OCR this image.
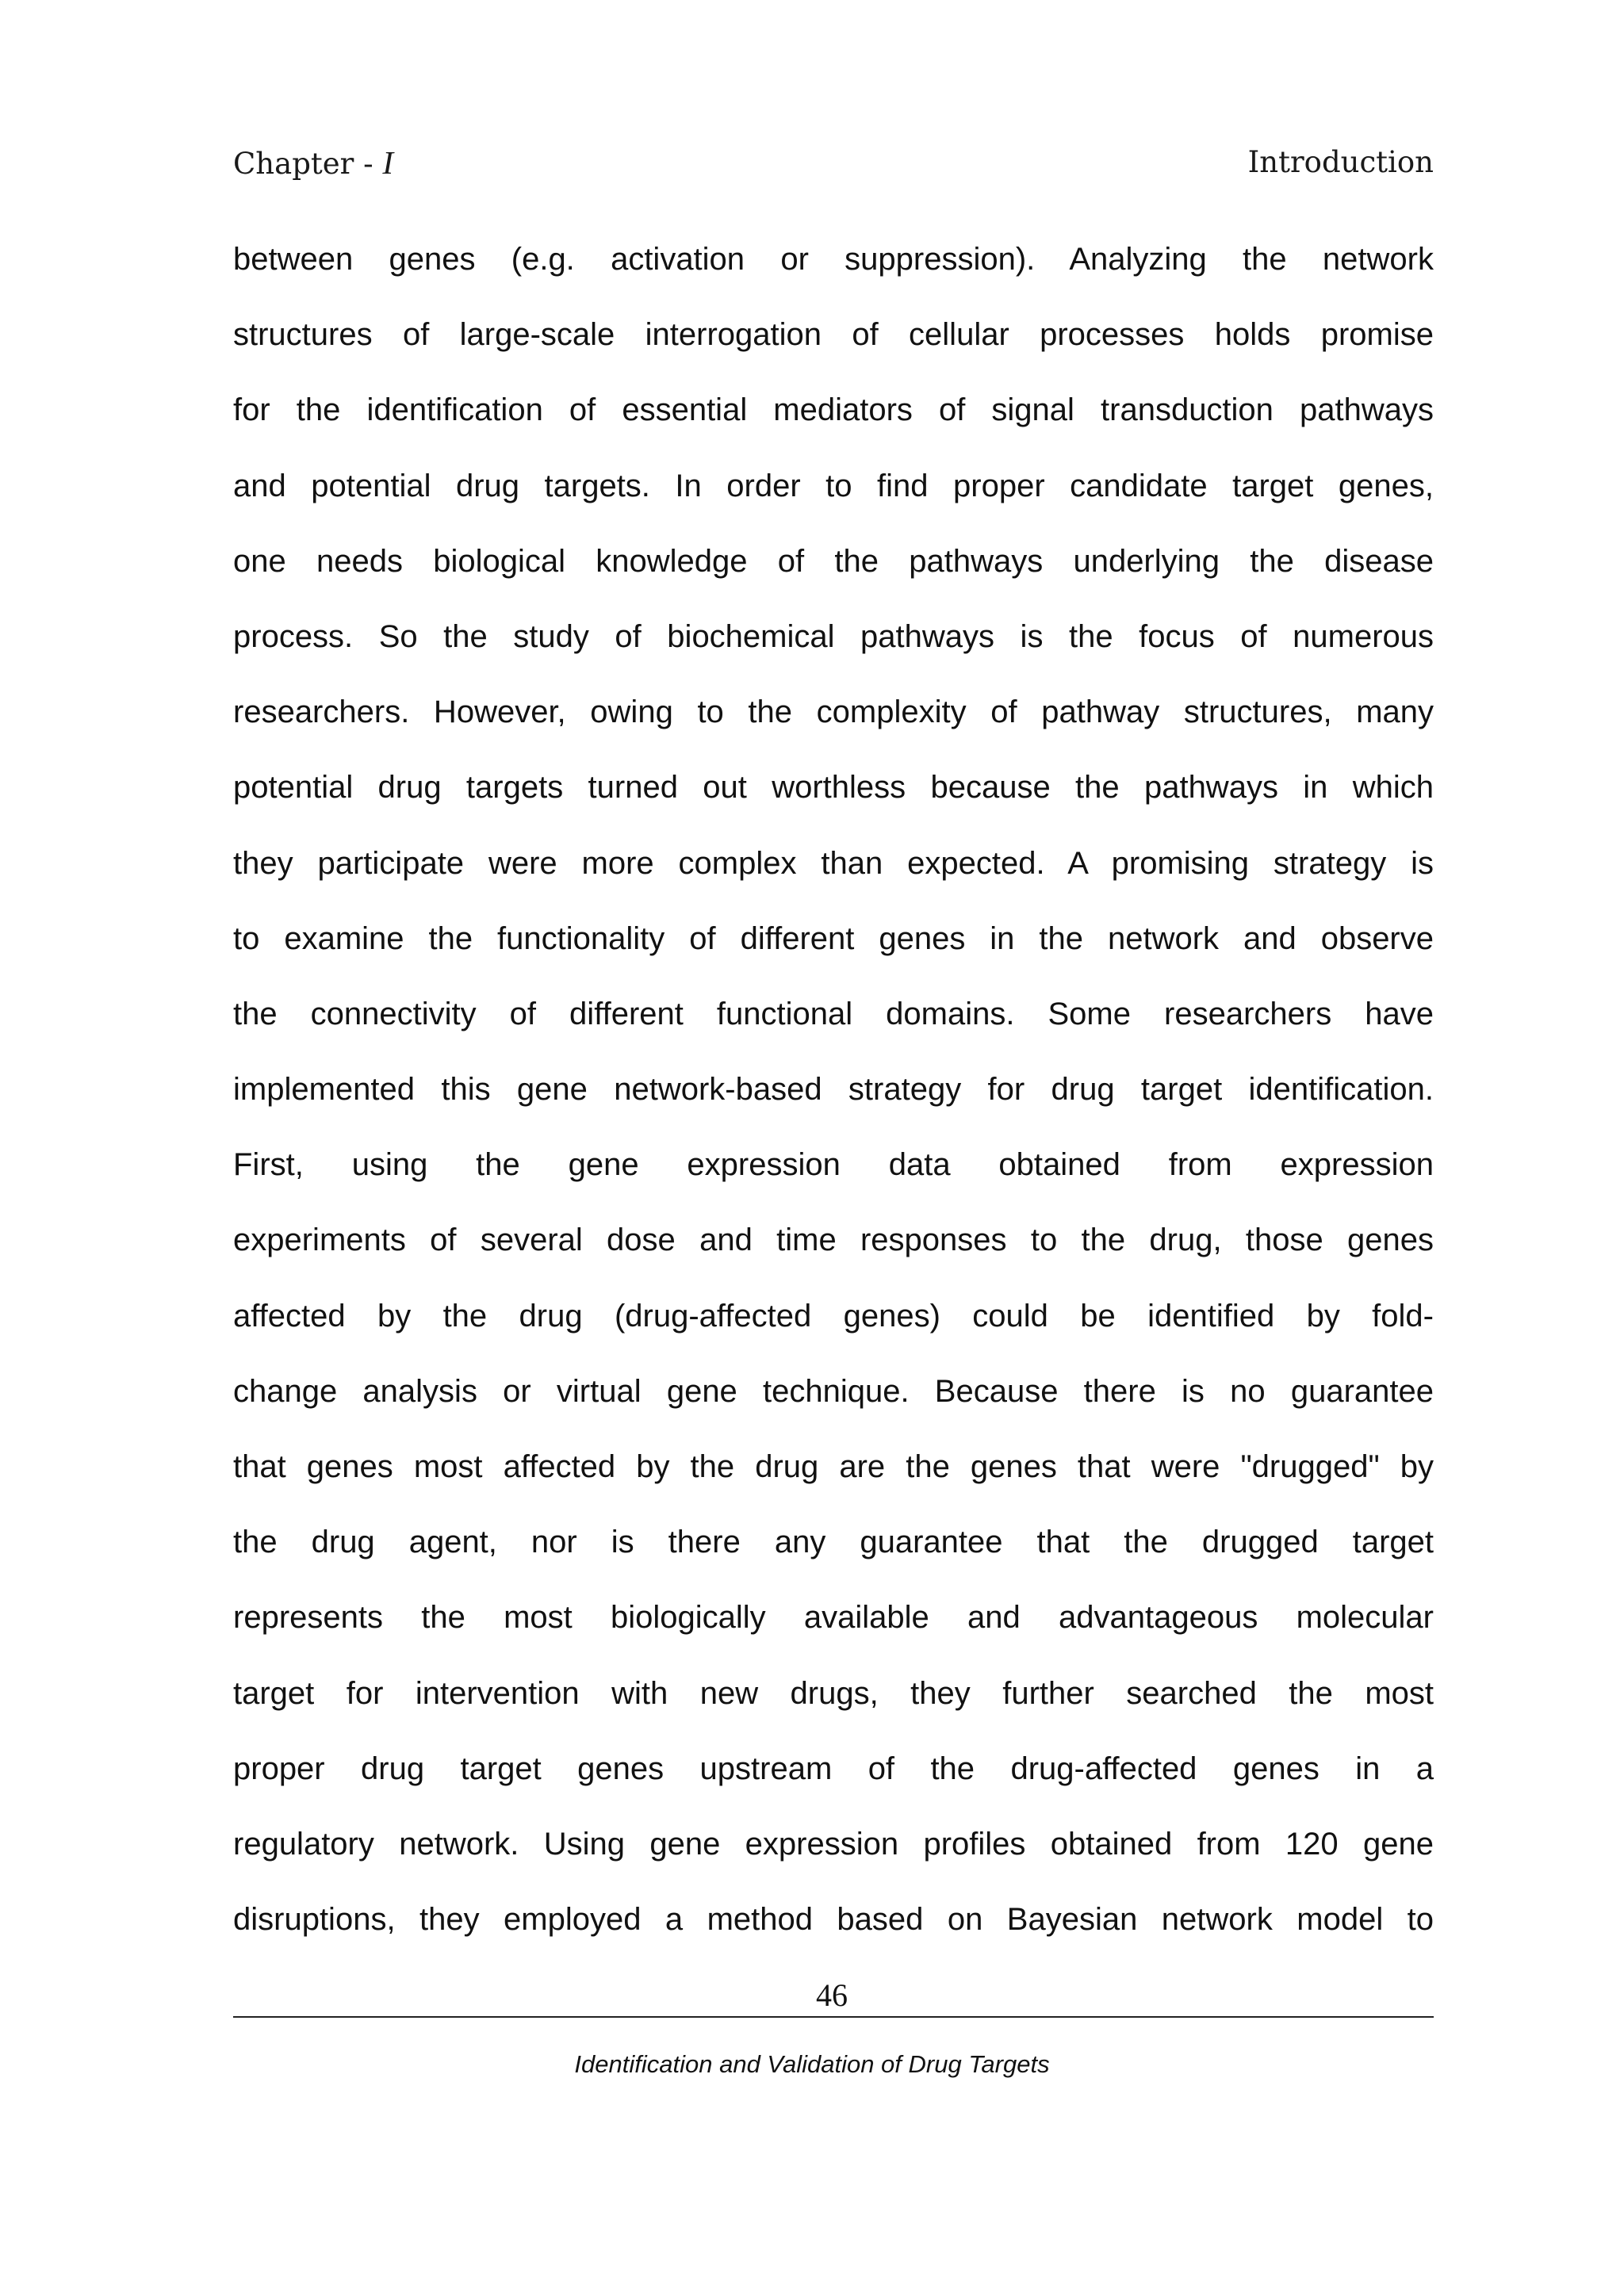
Chapter - I	Introduction
between genes (e.g. activation or suppression). Analyzing the network
structures of large-scale interrogation of cellular processes holds promise
for the identification of essential mediators of signal transduction pathways
and potential drug targets. In order to find proper candidate target genes,
one needs biological knowledge of the pathways underlying the disease
process. So the study of biochemical pathways is the focus of numerous
researchers. However, owing to the complexity of pathway structures, many
potential drug targets turned out worthless because the pathways in which
they participate were more complex than expected. A promising strategy is
to examine the functionality of different genes in the network and observe
the connectivity of different functional domains. Some researchers have
implemented this gene network-based strategy for drug target identification.
First, using the gene expression data obtained from expression
experiments of several dose and time responses to the drug, those genes
affected by the drug (drug-affected genes) could be identified by fold-
change analysis or virtual gene technique. Because there is no guarantee
that genes most affected by the drug are the genes that were "drugged" by
the drug agent, nor is there any guarantee that the drugged target
represents the most biologically available and advantageous molecular
target for intervention with new drugs, they further searched the most
proper drug target genes upstream of the drug-affected genes in a
regulatory network. Using gene expression profiles obtained from 120 gene
disruptions, they employed a method based on Bayesian network model to
46
Identification and Validation of Drug Targets
